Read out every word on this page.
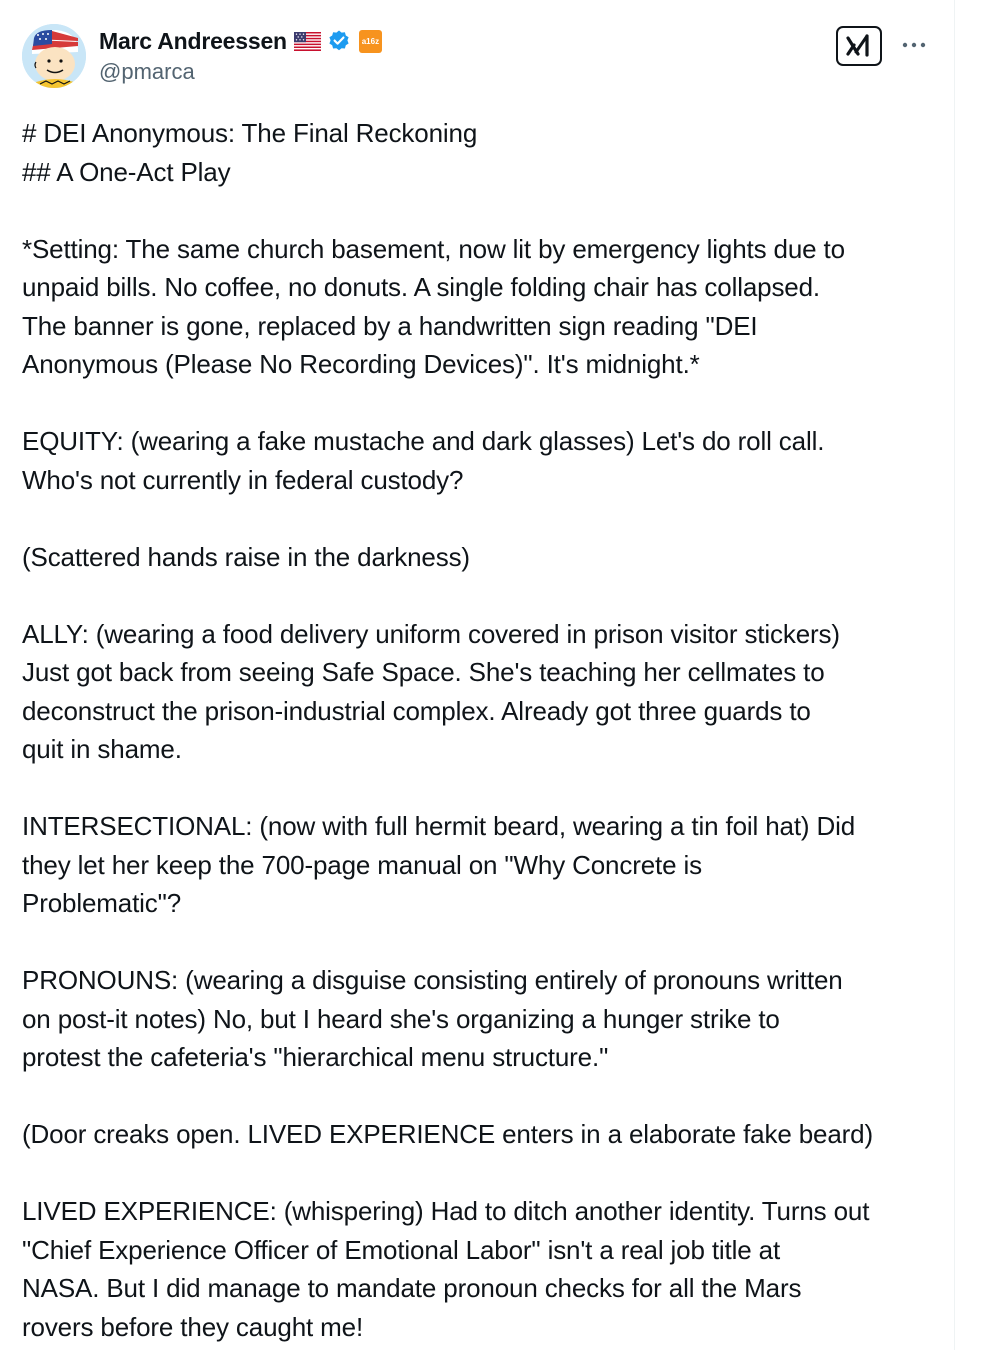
Marc Andreessen	a16z
@pmarca
# DEI Anonymous: The Final Reckoning
## A One-Act Play
*Setting: The same church basement, now lit by emergency lights due to
unpaid bills. No coffee, no donuts. A single folding chair has collapsed.
The banner is gone, replaced by a handwritten sign reading "DEI
Anonymous (Please No Recording Devices)". It's midnight.*
EQUITY: (wearing a fake mustache and dark glasses) Let's do roll call.
Who's not currently in federal custody?
(Scattered hands raise in the darkness)
ALLY: (wearing a food delivery uniform covered in prison visitor stickers)
Just got back from seeing Safe Space. She's teaching her cellmates to
deconstruct the prison-industrial complex. Already got three guards to
quit in shame.
INTERSECTIONAL: (now with full hermit beard, wearing a tin foil hat) Did
they let her keep the 700-page manual on "Why Concrete is
Problematic"?
PRONOUNS: (wearing a disguise consisting entirely of pronouns written
on post-it notes) No, but I heard she's organizing a hunger strike to
protest the cafeteria's "hierarchical menu structure."
(Door creaks open. LIVED EXPERIENCE enters in a elaborate fake beard)
LIVED EXPERIENCE: (whispering) Had to ditch another identity. Turns out
"Chief Experience Officer of Emotional Labor" isn't a real job title at
NASA. But I did manage to mandate pronoun checks for all the Mars
rovers before they caught me!
